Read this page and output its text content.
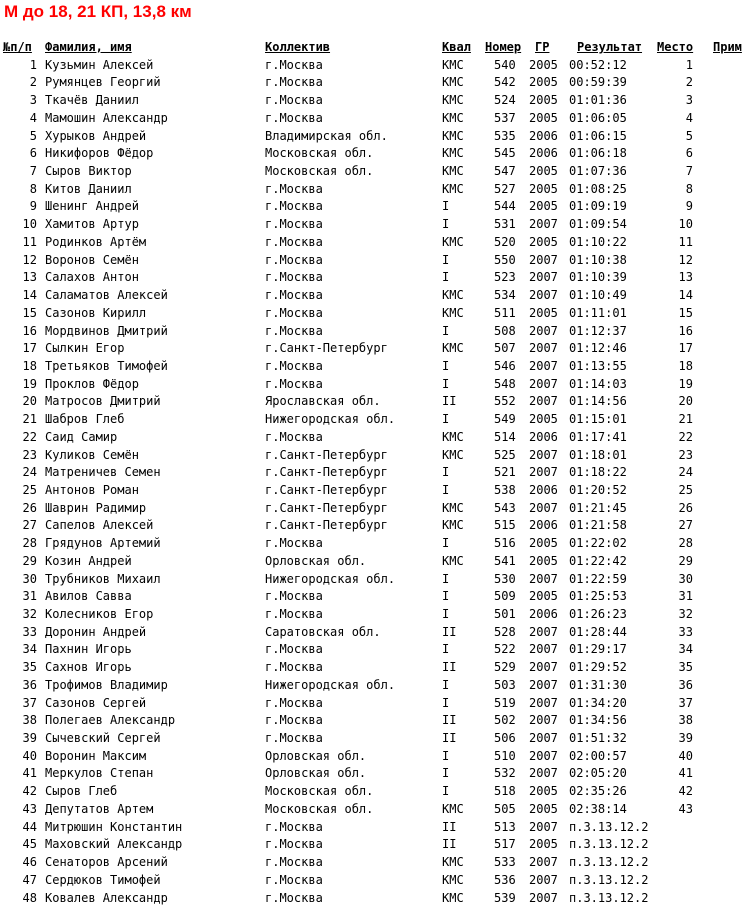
М до 18, 21 КП, 13,8 км
№п/п Фамилия, имя	Коллектив	Квал Номер ГР Результат Место Прим
1 Кузьмин Алексей	г.Москва	КМС	540 2005 00:52:12	1
2 Румянцев Георгий	г.Москва	КМС	542 2005 00:59:39	2
3 Ткачёв Даниил	г.Москва	КМС	524 2005 01:01:36	3
4 Мамошин Александр	г.Москва	КМС	537 2005 01:06:05	4
5 Хурыков Андрей	Владимирская обл.	КМС	535 2006 01:06:15	5
6 Никифоров Фёдор	Московская обл.	КМС	545 2006 01:06:18	6
7 Сыров Виктор	Московская обл.	КМС	547 2005 01:07:36	7
8 Китов Даниил	г.Москва	КМС	527 2005 01:08:25	8
9 Шенинг Андрей	г.Москва	I	544 2005 01:09:19	9
10 Хамитов Артур	г.Москва	I	531 2007 01:09:54	10
11 Родинков Артём	г.Москва	КМС	520 2005 01:10:22	11
12 Воронов Семён	г.Москва	I	550 2007 01:10:38	12
13 Салахов Антон	г.Москва	I	523 2007 01:10:39	13
14 Саламатов Алексей	г.Москва	КМС	534 2007 01:10:49	14
15 Сазонов Кирилл	г.Москва	КМС	511 2005 01:11:01	15
16 Мордвинов Дмитрий	г.Москва	I	508 2007 01:12:37	16
17 Сылкин Егор	г.Санкт-Петербург	КМС	507 2007 01:12:46	17
18 Третьяков Тимофей	г.Москва	I	546 2007 01:13:55	18
19 Проклов Фёдор	г.Москва	I	548 2007 01:14:03	19
20 Матросов Дмитрий	Ярославская обл.	II	552 2007 01:14:56	20
21 Шабров Глеб	Нижегородская обл.	I	549 2005 01:15:01	21
22 Саид Самир	г.Москва	КМС	514 2006 01:17:41	22
23 Куликов Семён	г.Санкт-Петербург	КМС	525 2007 01:18:01	23
24 Матреничев Семен	г.Санкт-Петербург	I	521 2007 01:18:22	24
25 Антонов Роман	г.Санкт-Петербург	I	538 2006 01:20:52	25
26 Шаврин Радимир	г.Санкт-Петербург	КМС	543 2007 01:21:45	26
27 Сапелов Алексей	г.Санкт-Петербург	КМС	515 2006 01:21:58	27
28 Грядунов Артемий	г.Москва	I	516 2005 01:22:02	28
29 Козин Андрей	Орловская обл.	КМС	541 2005 01:22:42	29
30 Трубников Михаил	Нижегородская обл.	I	530 2007 01:22:59	30
31 Авилов Савва	г.Москва	I	509 2005 01:25:53	31
32 Колесников Егор	г.Москва	I	501 2006 01:26:23	32
33 Доронин Андрей	Саратовская обл.	II	528 2007 01:28:44	33
34 Пахнин Игорь	г.Москва	I	522 2007 01:29:17	34
35 Сахнов Игорь	г.Москва	II	529 2007 01:29:52	35
36 Трофимов Владимир	Нижегородская обл.	I	503 2007 01:31:30	36
37 Сазонов Сергей	г.Москва	I	519 2007 01:34:20	37
38 Полегаев Александр	г.Москва	II	502 2007 01:34:56	38
39 Сычевский Сергей	г.Москва	II	506 2007 01:51:32	39
40 Воронин Максим	Орловская обл.	I	510 2007 02:00:57	40
41 Меркулов Степан	Орловская обл.	I	532 2007 02:05:20	41
42 Сыров Глеб	Московская обл.	I	518 2005 02:35:26	42
43 Депутатов Артем	Московская обл.	КМС	505 2005 02:38:14	43
44 Митрюшин Константин	г.Москва	II	513 2007 п.3.13.12.2
45 Маховский Александр	г.Москва	II	517 2005 п.3.13.12.2
46 Сенаторов Арсений	г.Москва	КМС	533 2007 п.3.13.12.2
47 Сердюков Тимофей	г.Москва	КМС	536 2007 п.3.13.12.2
48 Ковалев Александр	г.Москва	КМС	539 2007 п.3.13.12.2
